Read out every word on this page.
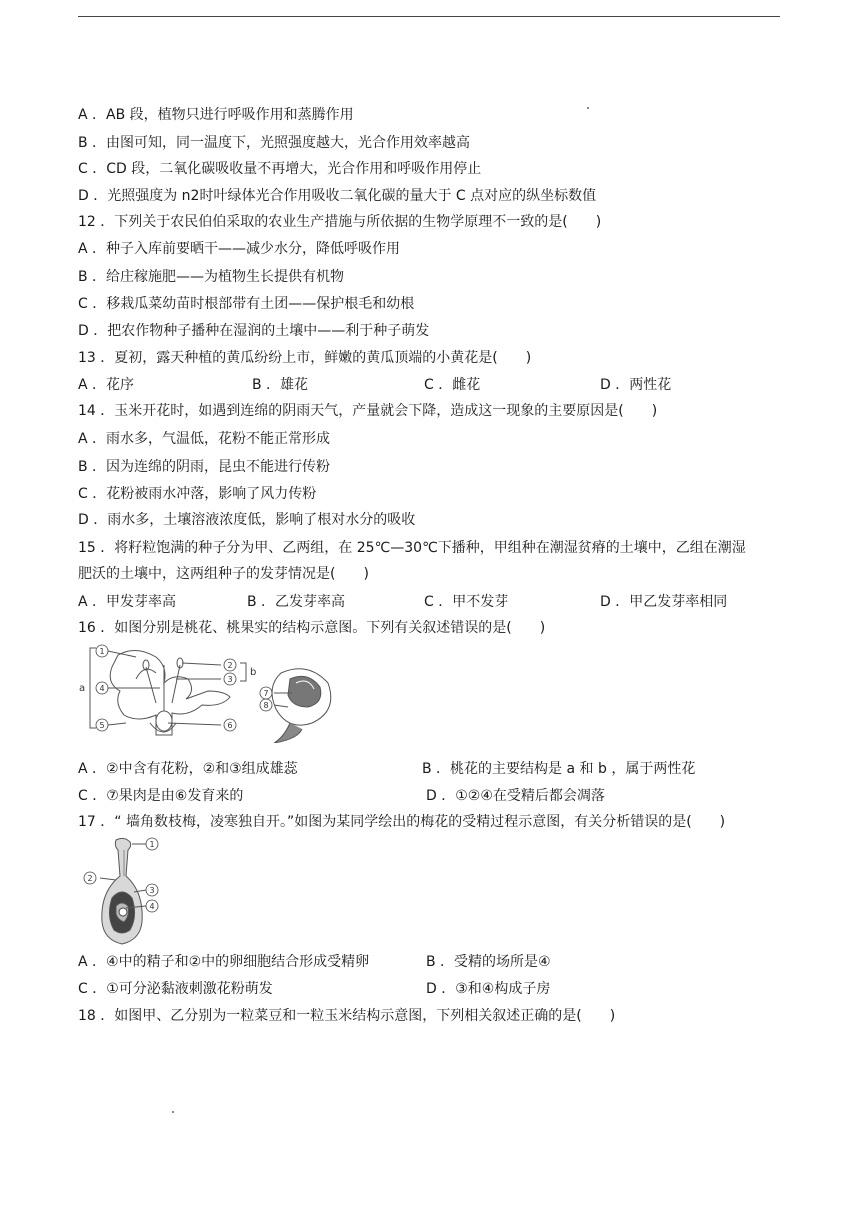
A ．AB 段，植物只进行呼吸作用和蒸腾作用
B ．由图可知，同一温度下，光照强度越大，光合作用效率越高
C ．CD 段，二氧化碳吸收量不再增大，光合作用和呼吸作用停止
D ．光照强度为 n2时叶绿体光合作用吸收二氧化碳的量大于 C 点对应的纵坐标数值
12 ．下列关于农民伯伯采取的农业生产措施与所依据的生物学原理不一致的是(　　)
A ．种子入库前要晒干——减少水分，降低呼吸作用
B ．给庄稼施肥——为植物生长提供有机物
C ．移栽瓜菜幼苗时根部带有土团——保护根毛和幼根
D ．把农作物种子播种在湿润的土壤中——利于种子萌发
13 ．夏初，露天种植的黄瓜纷纷上市，鲜嫩的黄瓜顶端的小黄花是(　　)
A ．花序	B ．雄花	C ．雌花	D ．两性花
14 ．玉米开花时，如遇到连绵的阴雨天气，产量就会下降，造成这一现象的主要原因是(　　)
A ．雨水多，气温低，花粉不能正常形成
B ．因为连绵的阴雨，昆虫不能进行传粉
C ．花粉被雨水冲落，影响了风力传粉
D ．雨水多，土壤溶液浓度低，影响了根对水分的吸收
15 ．将籽粒饱满的种子分为甲、乙两组，在 25℃—30℃下播种，甲组种在潮湿贫瘠的土壤中，乙组在潮湿
肥沃的土壤中，这两组种子的发芽情况是(　　)
A ．甲发芽率高	B ．乙发芽率高	C ．甲不发芽	D ．甲乙发芽率相同
16 ．如图分别是桃花、桃果实的结构示意图。下列有关叙述错误的是(　　)
1
4
5
2
3
6
7
8
a
b
A ．②中含有花粉，②和③组成雄蕊	B ．桃花的主要结构是 a 和 b ，属于两性花
C ．⑦果肉是由⑥发育来的	D ．①②④在受精后都会凋落
17 ．“ 墙角数枝梅，凌寒独自开。”如图为某同学绘出的梅花的受精过程示意图，有关分析错误的是(　　)
1
2
3
4
A ．④中的精子和②中的卵细胞结合形成受精卵	B ．受精的场所是④
C ．①可分泌黏液刺激花粉萌发	D ．③和④构成子房
18 ．如图甲、乙分别为一粒菜豆和一粒玉米结构示意图，下列相关叙述正确的是(　　)
